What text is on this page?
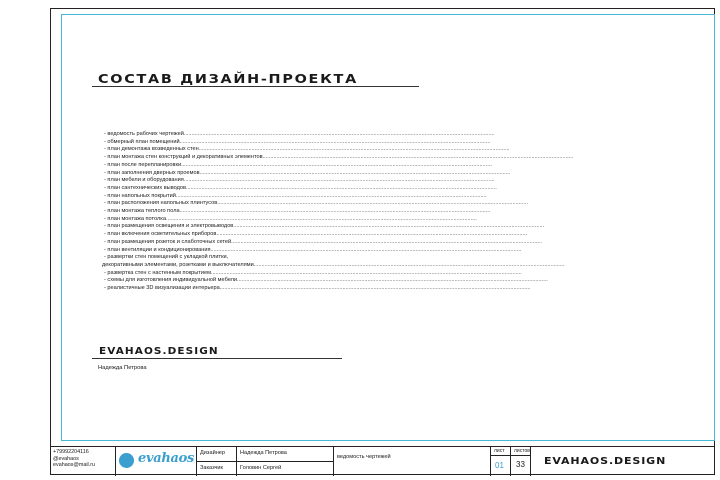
СОСТАВ ДИЗАЙН-ПРОЕКТА
- ведомость рабочих чертежей ........................................................................................................................................................................................................
- обмерный план помещений ........................................................................................................................................................................................................
- план демонтажа возведенных стен ........................................................................................................................................................................................................
- план монтажа стен конструкций и декоративных элементов ........................................................................................................................................................................................................
- план после перепланировки ........................................................................................................................................................................................................
- план заполнения дверных проемов ........................................................................................................................................................................................................
- план мебели и оборудования ........................................................................................................................................................................................................
- план сантехнических выводов ........................................................................................................................................................................................................
- план напольных покрытий ........................................................................................................................................................................................................
- план расположения напольных плинтусов ........................................................................................................................................................................................................
- план монтажа теплого пола ........................................................................................................................................................................................................
- план монтажа потолка ........................................................................................................................................................................................................
- план размещения освещения и электровыводов ........................................................................................................................................................................................................
- план включения осветительных приборов ........................................................................................................................................................................................................
- план размещения розеток и слаботочных сетей ........................................................................................................................................................................................................
- план вентиляции и кондиционирования ........................................................................................................................................................................................................
- развертки стен помещений с укладкой плитки,
декоративными элементами, розетками и выключателями ........................................................................................................................................................................................................
- развертка стен с настенным покрытием ........................................................................................................................................................................................................
- схемы для изготовления индивидуальной мебели ........................................................................................................................................................................................................
- реалистичные 3D визуализации интерьера ........................................................................................................................................................................................................
EVAHAOS.DESIGN
Надежда Петрова
+79992204116
@evahaos
evahaos@mail.ru	evahaos Дизайнер
Заказчик
Надежда Петрова
Головин Сергей
ведомость чертежей
лист листов
01 33 EVAHAOS.DESIGN
